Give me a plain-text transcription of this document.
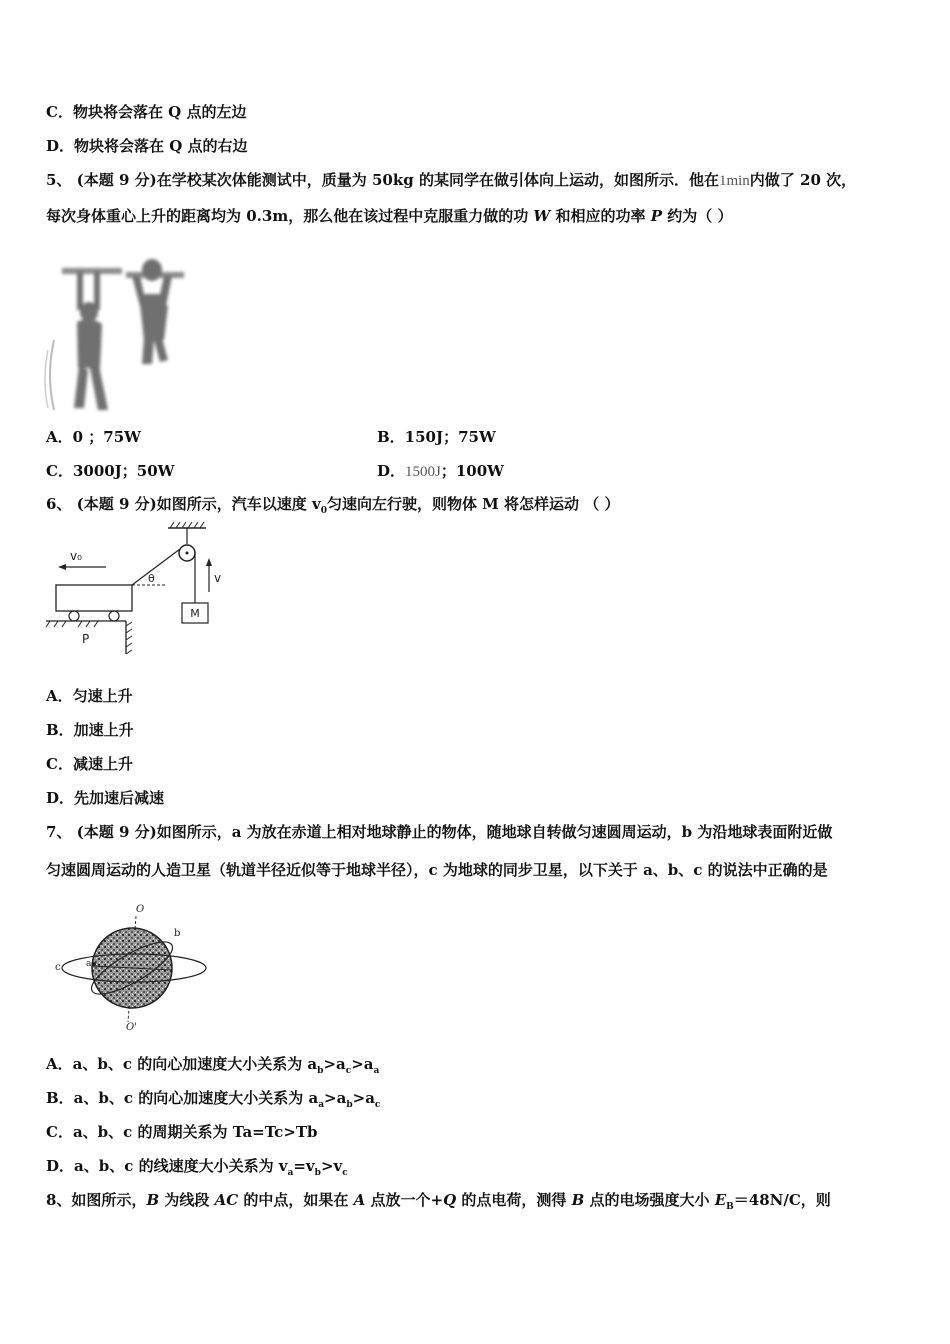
C．物块将会落在 Q 点的左边
D．物块将会落在 Q 点的右边
5、 (本题 9 分)在学校某次体能测试中，质量为 50kg 的某同学在做引体向上运动，如图所示．他在1min内做了 20 次，
每次身体重心上升的距离均为 0.3m，那么他在该过程中克服重力做的功 W 和相应的功率 P 约为（ ）
A．0 ；75W	B．150J；75W
C．3000J；50W	D．1500J；100W
6、 (本题 9 分)如图所示，汽车以速度 $v_0$匀速向左行驶，则物体 M 将怎样运动 （ ）
M
v
θ
v₀
P
A．匀速上升
B．加速上升
C．减速上升
D．先加速后减速
7、 (本题 9 分)如图所示，a 为放在赤道上相对地球静止的物体，随地球自转做匀速圆周运动，b 为沿地球表面附近做
匀速圆周运动的人造卫星（轨道半径近似等于地球半径），c 为地球的同步卫星，以下关于 a、b、c 的说法中正确的是
O
O'
a
b
c
A．a、b、c 的向心加速度大小关系为 $a_b>a_c>a_a$
B．a、b、c 的向心加速度大小关系为 $a_a>a_b>a_c$
C．a、b、c 的周期关系为 Ta=Tc>Tb
D．a、b、c 的线速度大小关系为 $v_a=v_b>v_c$
8、如图所示，B 为线段 AC 的中点，如果在 A 点放一个+Q 的点电荷，测得 B 点的电场强度大小 $E_B=48N/C$，则
